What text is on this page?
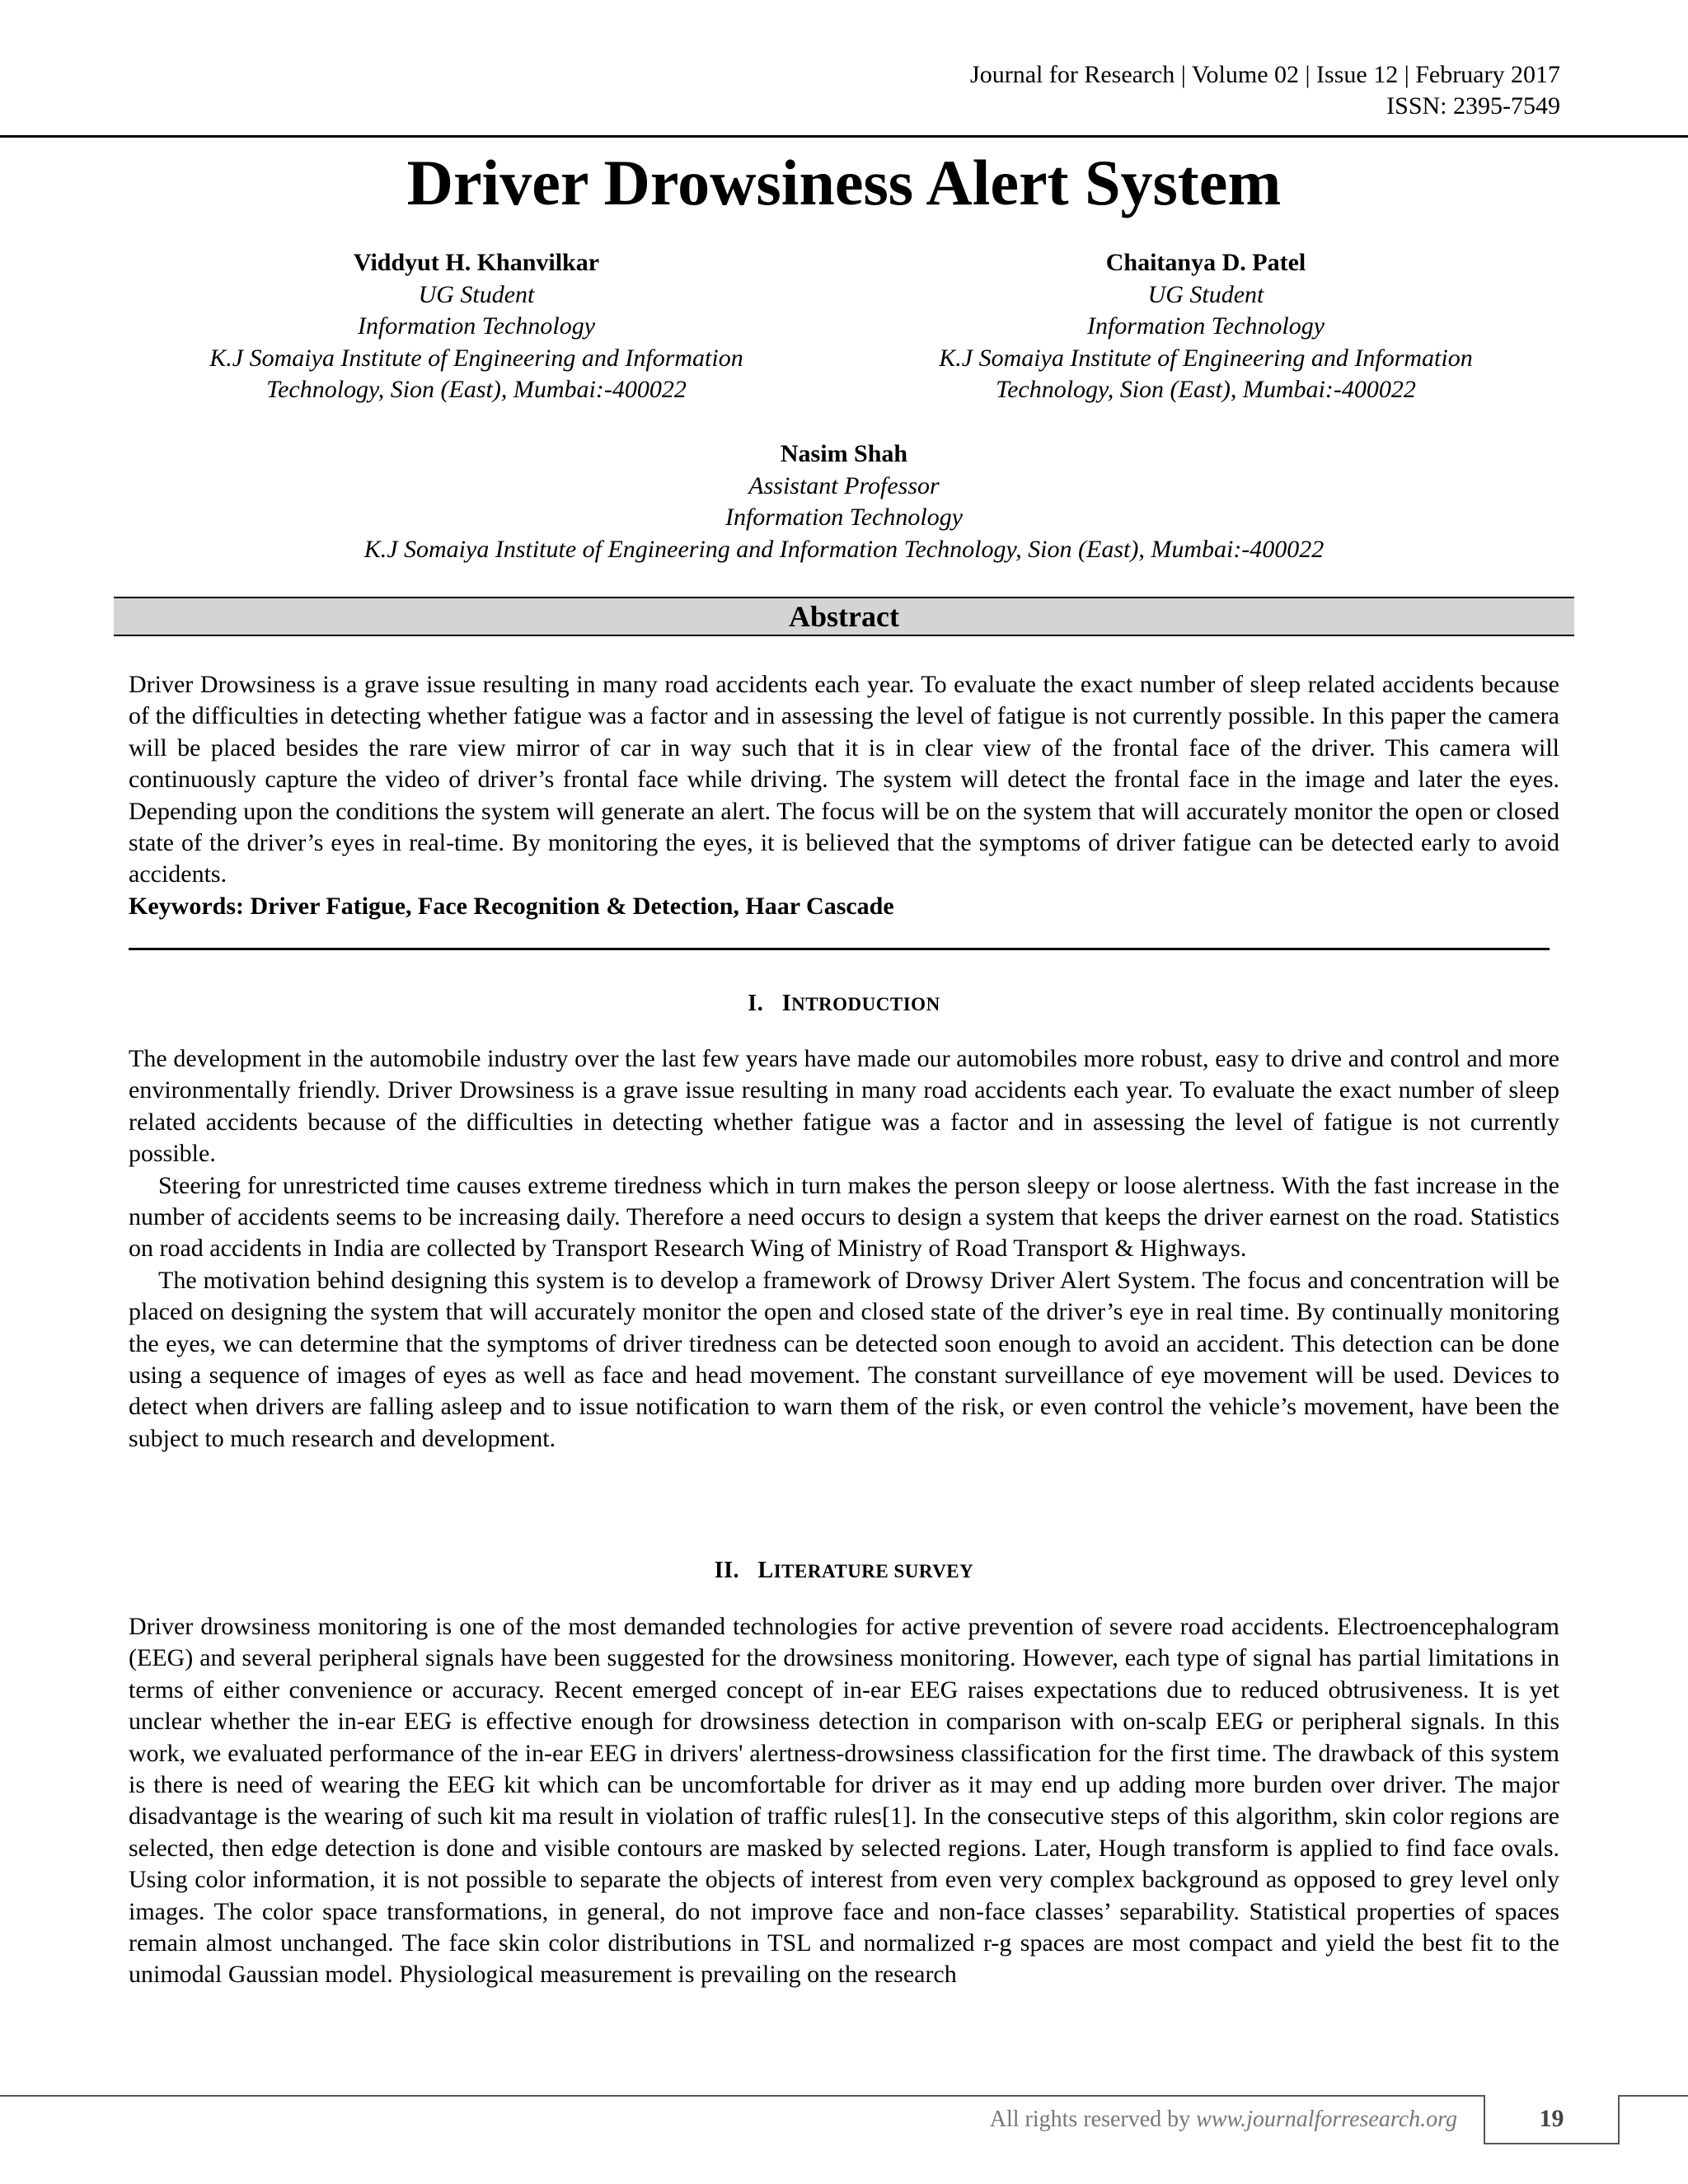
Journal for Research | Volume 02 | Issue 12 | February 2017
ISSN: 2395-7549
Driver Drowsiness Alert System
Viddyut H. Khanvilkar
UG Student
Information Technology
K.J Somaiya Institute of Engineering and Information
Technology, Sion (East), Mumbai:-400022
Chaitanya D. Patel
UG Student
Information Technology
K.J Somaiya Institute of Engineering and Information
Technology, Sion (East), Mumbai:-400022
Nasim Shah
Assistant Professor
Information Technology
K.J Somaiya Institute of Engineering and Information Technology, Sion (East), Mumbai:-400022
Abstract

Driver Drowsiness is a grave issue resulting in many road accidents each year. To evaluate the exact number of sleep related accidents because of the difficulties in detecting whether fatigue was a factor and in assessing the level of fatigue is not currently possible. In this paper the camera will be placed besides the rare view mirror of car in way such that it is in clear view of the frontal face of the driver. This camera will continuously capture the video of driver’s frontal face while driving. The system will detect the frontal face in the image and later the eyes. Depending upon the conditions the system will generate an alert. The focus will be on the system that will accurately monitor the open or closed state of the driver’s eyes in real-time. By monitoring the eyes, it is believed that the symptoms of driver fatigue can be detected early to avoid accidents.

Keywords: Driver Fatigue, Face Recognition & Detection, Haar Cascade

I. INTRODUCTION

The development in the automobile industry over the last few years have made our automobiles more robust, easy to drive and control and more environmentally friendly. Driver Drowsiness is a grave issue resulting in many road accidents each year. To evaluate the exact number of sleep related accidents because of the difficulties in detecting whether fatigue was a factor and in assessing the level of fatigue is not currently possible.

Steering for unrestricted time causes extreme tiredness which in turn makes the person sleepy or loose alertness. With the fast increase in the number of accidents seems to be increasing daily. Therefore a need occurs to design a system that keeps the driver earnest on the road. Statistics on road accidents in India are collected by Transport Research Wing of Ministry of Road Transport & Highways.

The motivation behind designing this system is to develop a framework of Drowsy Driver Alert System. The focus and concentration will be placed on designing the system that will accurately monitor the open and closed state of the driver’s eye in real time. By continually monitoring the eyes, we can determine that the symptoms of driver tiredness can be detected soon enough to avoid an accident. This detection can be done using a sequence of images of eyes as well as face and head movement. The constant surveillance of eye movement will be used. Devices to detect when drivers are falling asleep and to issue notification to warn them of the risk, or even control the vehicle’s movement, have been the subject to much research and development.

II. LITERATURE SURVEY

Driver drowsiness monitoring is one of the most demanded technologies for active prevention of severe road accidents. Electroencephalogram (EEG) and several peripheral signals have been suggested for the drowsiness monitoring. However, each type of signal has partial limitations in terms of either convenience or accuracy. Recent emerged concept of in-ear EEG raises expectations due to reduced obtrusiveness. It is yet unclear whether the in-ear EEG is effective enough for drowsiness detection in comparison with on-scalp EEG or peripheral signals. In this work, we evaluated performance of the in-ear EEG in drivers' alertness-drowsiness classification for the first time. The drawback of this system is there is need of wearing the EEG kit which can be uncomfortable for driver as it may end up adding more burden over driver. The major disadvantage is the wearing of such kit ma result in violation of traffic rules[1]. In the consecutive steps of this algorithm, skin color regions are selected, then edge detection is done and visible contours are masked by selected regions. Later, Hough transform is applied to find face ovals. Using color information, it is not possible to separate the objects of interest from even very complex background as opposed to grey level only images. The color space transformations, in general, do not improve face and non-face classes’ separability. Statistical properties of spaces remain almost unchanged. The face skin color distributions in TSL and normalized r-g spaces are most compact and yield the best fit to the unimodal Gaussian model. Physiological measurement is prevailing on the research

All rights reserved by www.journalforresearch.org	19
